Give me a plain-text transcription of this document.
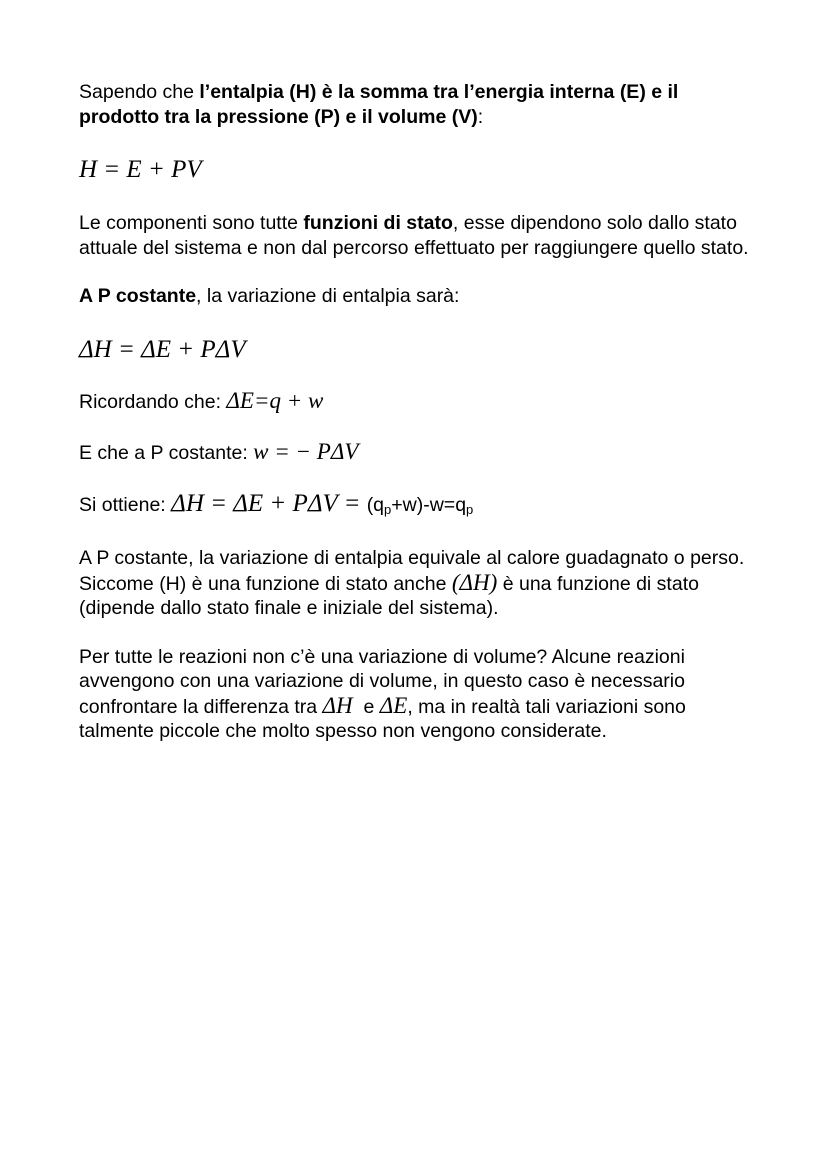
Sapendo che l’entalpia (H) è la somma tra l’energia interna (E) e il prodotto tra la pressione (P) e il volume (V):

H = E + PV

Le componenti sono tutte funzioni di stato, esse dipendono solo dallo stato attuale del sistema e non dal percorso effettuato per raggiungere quello stato.

A P costante, la variazione di entalpia sarà:

ΔH = ΔE + PΔV

Ricordando che: ΔE=q + w

E che a P costante: w = − PΔV

Si ottiene: $\Delta H = \Delta E + P\Delta V = (q_p+w)-w=q_p$

A P costante, la variazione di entalpia equivale al calore guadagnato o perso. Siccome (H) è una funzione di stato anche (ΔH) è una funzione di stato (dipende dallo stato finale e iniziale del sistema).

Per tutte le reazioni non c’è una variazione di volume? Alcune reazioni avvengono con una variazione di volume, in questo caso è necessario confrontare la differenza tra ΔH  e ΔE, ma in realtà tali variazioni sono talmente piccole che molto spesso non vengono considerate.
